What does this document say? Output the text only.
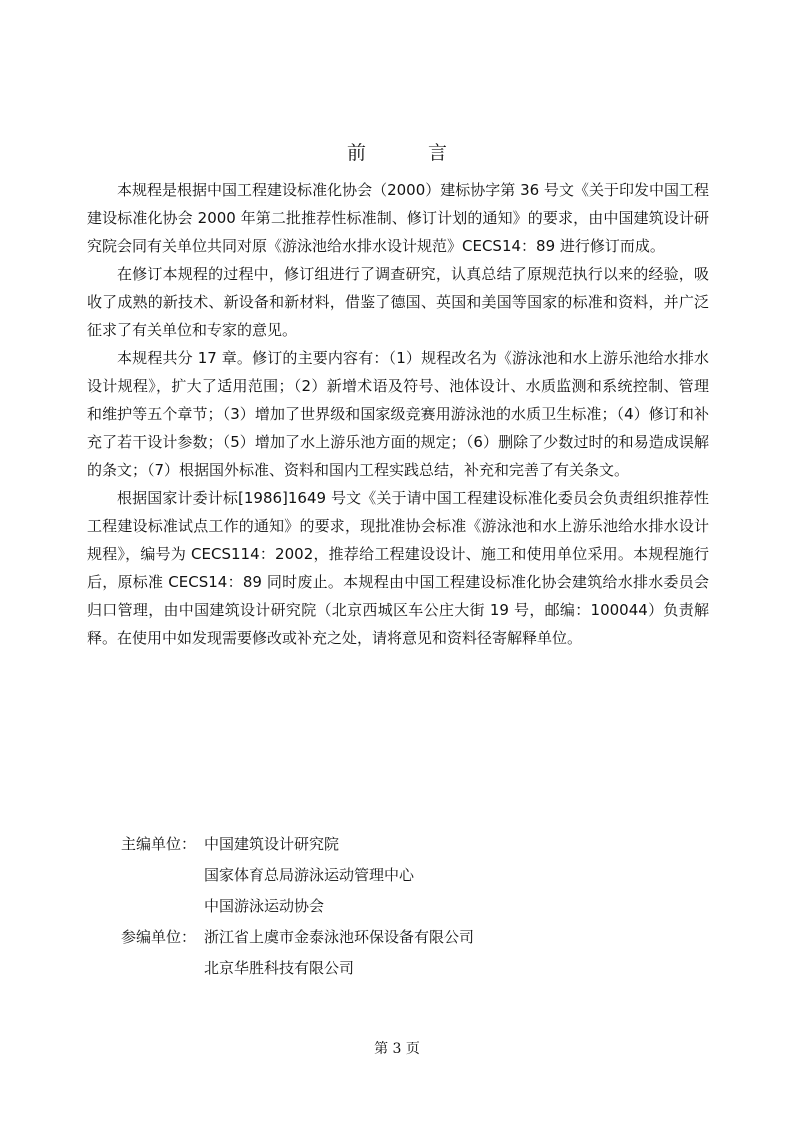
前 言

本规程是根据中国工程建设标准化协会（2000）建标协字第 36 号文《关于印发中国工程建设标准化协会 2000 年第二批推荐性标准制、修订计划的通知》的要求，由中国建筑设计研究院会同有关单位共同对原《游泳池给水排水设计规范》CECS14：89 进行修订而成。

在修订本规程的过程中，修订组进行了调查研究，认真总结了原规范执行以来的经验，吸收了成熟的新技术、新设备和新材料，借鉴了德国、英国和美国等国家的标准和资料，并广泛征求了有关单位和专家的意见。

本规程共分 17 章。修订的主要内容有：（1）规程改名为《游泳池和水上游乐池给水排水设计规程》，扩大了适用范围；（2）新增术语及符号、池体设计、水质监测和系统控制、管理和维护等五个章节；（3）增加了世界级和国家级竞赛用游泳池的水质卫生标准；（4）修订和补充了若干设计参数；（5）增加了水上游乐池方面的规定；（6）删除了少数过时的和易造成误解的条文；（7）根据国外标准、资料和国内工程实践总结，补充和完善了有关条文。

根据国家计委计标[1986]1649 号文《关于请中国工程建设标准化委员会负责组织推荐性工程建设标准试点工作的通知》的要求，现批准协会标准《游泳池和水上游乐池给水排水设计规程》，编号为 CECS114：2002，推荐给工程建设设计、施工和使用单位采用。本规程施行后，原标准 CECS14：89 同时废止。本规程由中国工程建设标准化协会建筑给水排水委员会归口管理，由中国建筑设计研究院（北京西城区车公庄大街 19 号，邮编：100044）负责解释。在使用中如发现需要修改或补充之处，请将意见和资料径寄解释单位。

主编单位： 中国建筑设计研究院
国家体育总局游泳运动管理中心
中国游泳运动协会
参编单位： 浙江省上虞市金泰泳池环保设备有限公司
北京华胜科技有限公司
第 3 页
